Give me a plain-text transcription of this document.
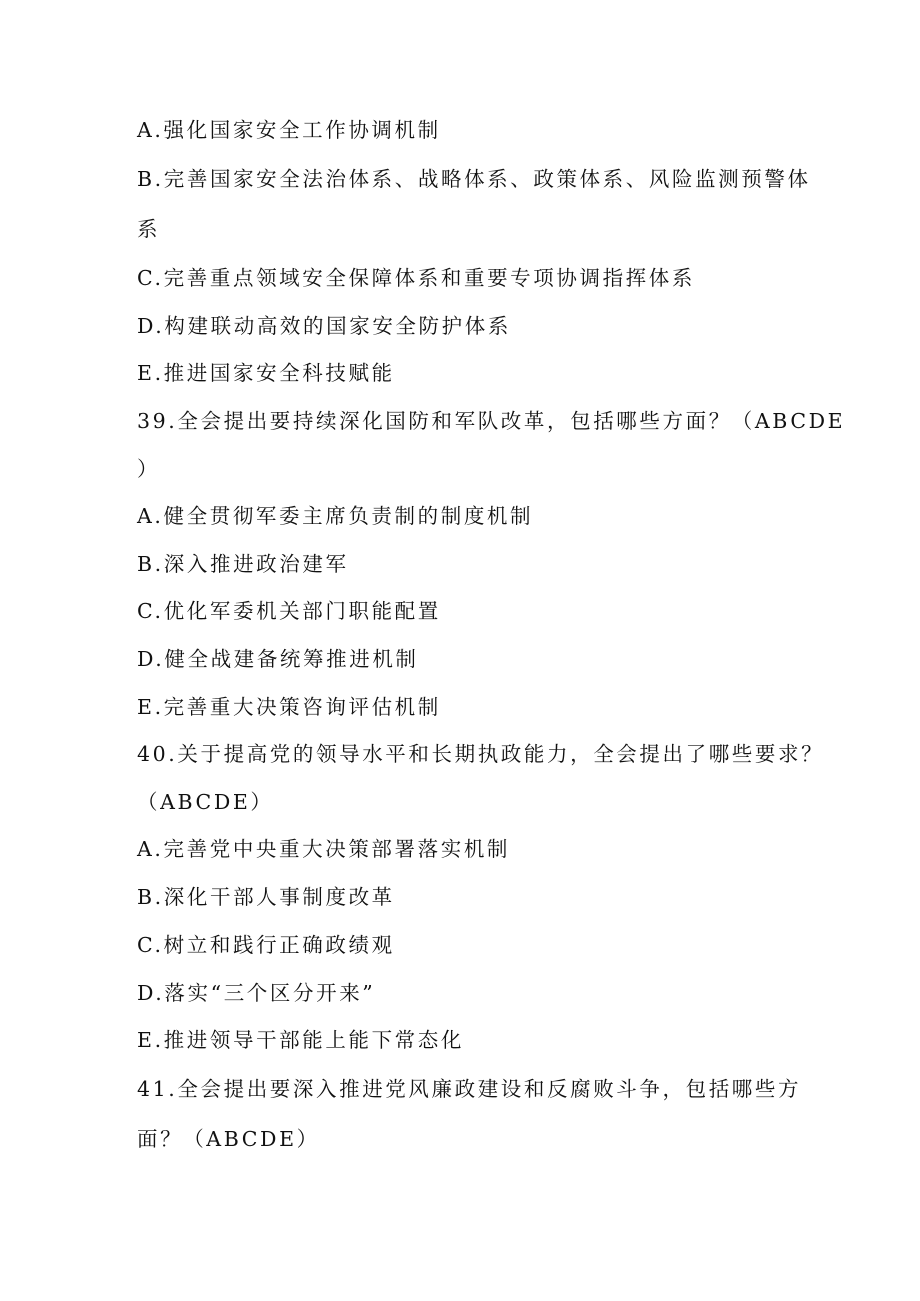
A.强化国家安全工作协调机制
B.完善国家安全法治体系、战略体系、政策体系、风险监测预警体
系
C.完善重点领域安全保障体系和重要专项协调指挥体系
D.构建联动高效的国家安全防护体系
E.推进国家安全科技赋能
39.全会提出要持续深化国防和军队改革，包括哪些方面？（ABCDE
）
A.健全贯彻军委主席负责制的制度机制
B.深入推进政治建军
C.优化军委机关部门职能配置
D.健全战建备统筹推进机制
E.完善重大决策咨询评估机制
40.关于提高党的领导水平和长期执政能力，全会提出了哪些要求？
（ABCDE）
A.完善党中央重大决策部署落实机制
B.深化干部人事制度改革
C.树立和践行正确政绩观
D.落实“三个区分开来”
E.推进领导干部能上能下常态化
41.全会提出要深入推进党风廉政建设和反腐败斗争，包括哪些方
面？（ABCDE）
